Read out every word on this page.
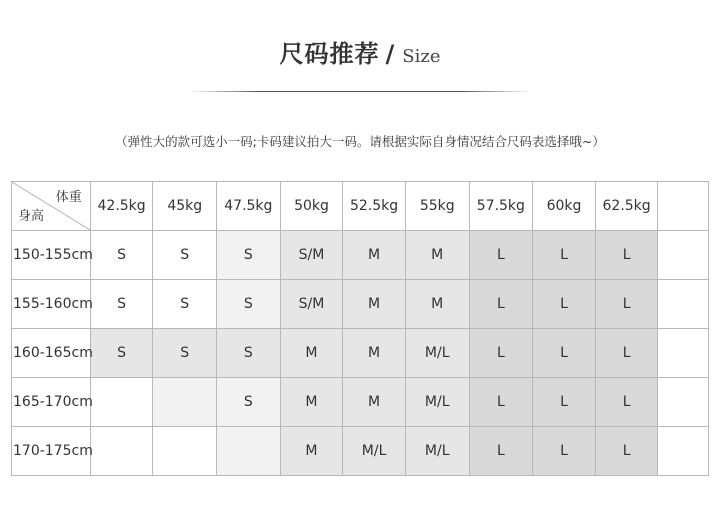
尺码推荐 / Size
（弹性大的款可选小一码;卡码建议拍大一码。请根据实际自身情况结合尺码表选择哦~）
体重
身高	42.5kg	45kg	47.5kg	50kg	52.5kg	55kg	57.5kg	60kg	62.5kg	
150-155cm	S	S	S	S/M	M	M	L	L	L	
155-160cm	S	S	S	S/M	M	M	L	L	L	
160-165cm	S	S	S	M	M	M/L	L	L	L	
165-170cm			S	M	M	M/L	L	L	L	
170-175cm				M	M/L	M/L	L	L	L	
